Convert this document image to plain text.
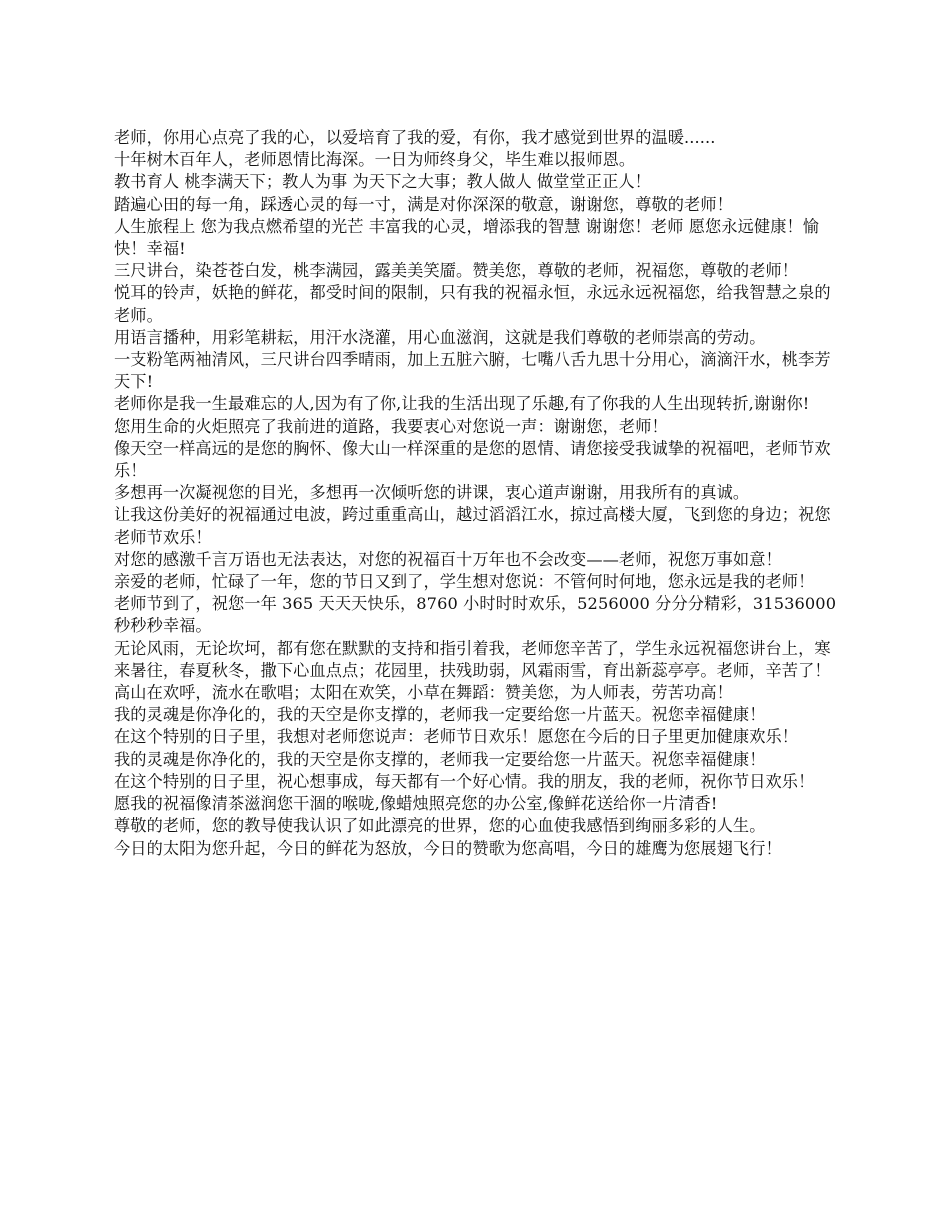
老师，你用心点亮了我的心，以爱培育了我的爱，有你，我才感觉到世界的温暖......

十年树木百年人，老师恩情比海深。一日为师终身父，毕生难以报师恩。

教书育人 桃李满天下；教人为事 为天下之大事；教人做人 做堂堂正正人！

踏遍心田的每一角，踩透心灵的每一寸，满是对你深深的敬意，谢谢您，尊敬的老师！

人生旅程上 您为我点燃希望的光芒 丰富我的心灵，增添我的智慧 谢谢您！老师 愿您永远健康！愉快！幸福!

三尺讲台，染苍苍白发，桃李满园，露美美笑靥。赞美您，尊敬的老师，祝福您，尊敬的老师！

悦耳的铃声，妖艳的鲜花，都受时间的限制，只有我的祝福永恒，永远永远祝福您，给我智慧之泉的老师。

用语言播种，用彩笔耕耘，用汗水浇灌，用心血滋润，这就是我们尊敬的老师崇高的劳动。

一支粉笔两袖清风，三尺讲台四季晴雨，加上五脏六腑，七嘴八舌九思十分用心，滴滴汗水，桃李芳天下!

老师你是我一生最难忘的人,因为有了你,让我的生活出现了乐趣,有了你我的人生出现转折,谢谢你!

您用生命的火炬照亮了我前进的道路，我要衷心对您说一声：谢谢您，老师！

像天空一样高远的是您的胸怀、像大山一样深重的是您的恩情、请您接受我诚挚的祝福吧，老师节欢乐！

多想再一次凝视您的目光，多想再一次倾听您的讲课，衷心道声谢谢，用我所有的真诚。

让我这份美好的祝福通过电波，跨过重重高山，越过滔滔江水，掠过高楼大厦，飞到您的身边；祝您老师节欢乐！

对您的感激千言万语也无法表达，对您的祝福百十万年也不会改变——老师，祝您万事如意！

亲爱的老师，忙碌了一年，您的节日又到了，学生想对您说：不管何时何地，您永远是我的老师！

老师节到了，祝您一年 365 天天天快乐，8760 小时时时欢乐，5256000 分分分精彩，31536000 秒秒秒幸福。

无论风雨，无论坎坷，都有您在默默的支持和指引着我，老师您辛苦了，学生永远祝福您讲台上，寒来暑往，春夏秋冬，撒下心血点点；花园里，扶残助弱，风霜雨雪，育出新蕊亭亭。老师，辛苦了！

高山在欢呼，流水在歌唱；太阳在欢笑，小草在舞蹈：赞美您，为人师表，劳苦功高！

我的灵魂是你净化的，我的天空是你支撑的，老师我一定要给您一片蓝天。祝您幸福健康！

在这个特别的日子里，我想对老师您说声：老师节日欢乐！愿您在今后的日子里更加健康欢乐！

我的灵魂是你净化的，我的天空是你支撑的，老师我一定要给您一片蓝天。祝您幸福健康！

在这个特别的日子里，祝心想事成，每天都有一个好心情。我的朋友，我的老师，祝你节日欢乐！

愿我的祝福像清茶滋润您干涸的喉咙,像蜡烛照亮您的办公室,像鲜花送给你一片清香!

尊敬的老师，您的教导使我认识了如此漂亮的世界，您的心血使我感悟到绚丽多彩的人生。

今日的太阳为您升起，今日的鲜花为怒放，今日的赞歌为您高唱，今日的雄鹰为您展翅飞行！
